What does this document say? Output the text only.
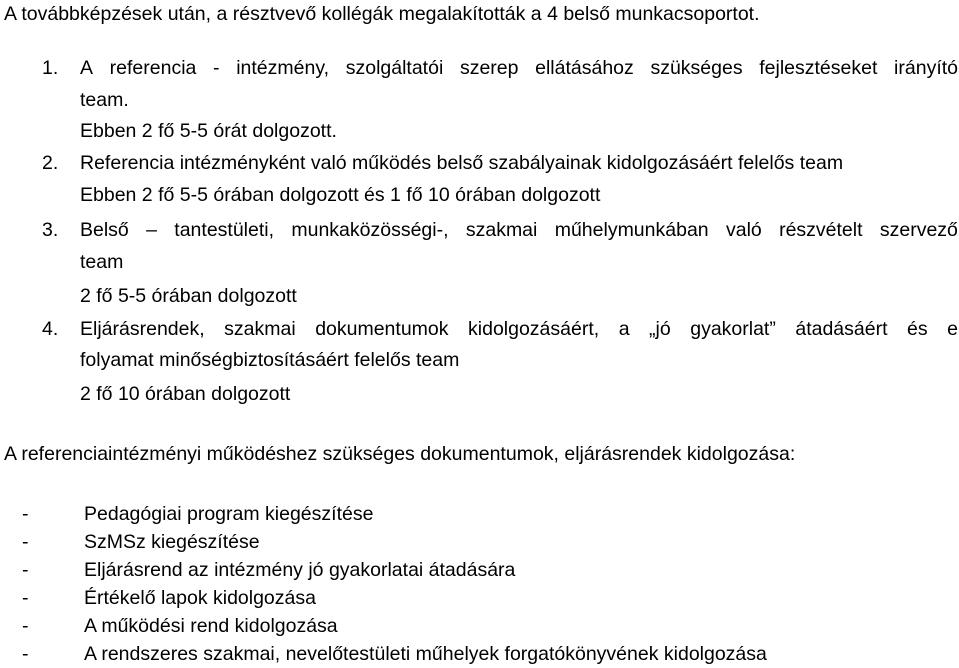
A továbbképzések után, a résztvevő kollégák megalakították a 4 belső munkacsoportot.
1. A referencia - intézmény, szolgáltatói szerep ellátásához szükséges fejlesztéseket irányító
team.
Ebben 2 fő 5-5 órát dolgozott.
2. Referencia intézményként való működés belső szabályainak kidolgozásáért felelős team
Ebben 2 fő 5-5 órában dolgozott és 1 fő 10 órában dolgozott
3. Belső – tantestületi, munkaközösségi-, szakmai műhelymunkában való részvételt szervező
team
2 fő 5-5 órában dolgozott
4. Eljárásrendek, szakmai dokumentumok kidolgozásáért, a „jó gyakorlat” átadásáért és e
folyamat minőségbiztosításáért felelős team
2 fő 10 órában dolgozott
A referenciaintézményi működéshez szükséges dokumentumok, eljárásrendek kidolgozása:
-	Pedagógiai program kiegészítése
-	SzMSz kiegészítése
-	Eljárásrend az intézmény jó gyakorlatai átadására
-	Értékelő lapok kidolgozása
-	A működési rend kidolgozása
-	A rendszeres szakmai, nevelőtestületi műhelyek forgatókönyvének kidolgozása
